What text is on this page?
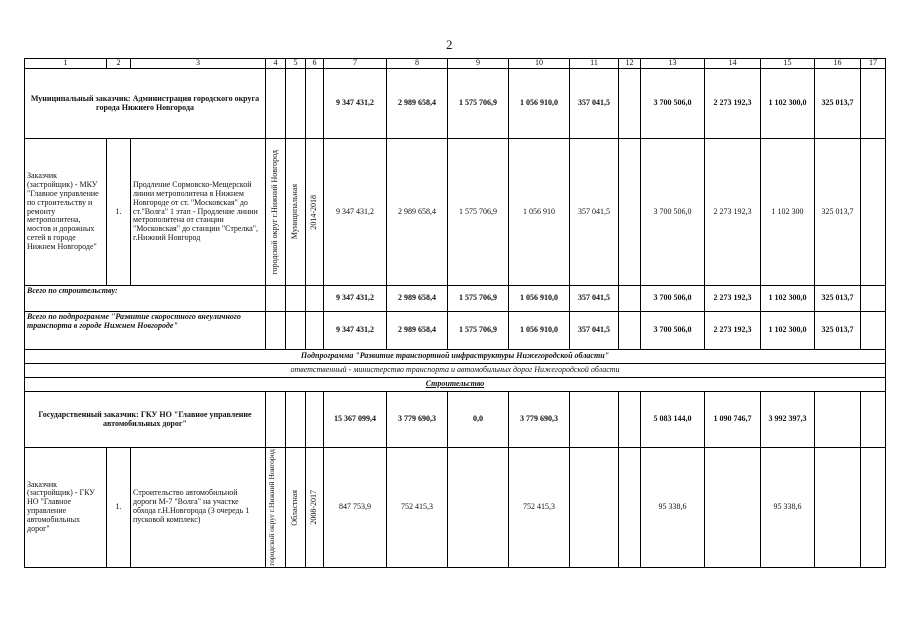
2
1	2	3	4	5	6	7	8	9	10	11	12	13	14	15	16	17
Муниципальный заказчик: Администрация городского округа города Нижнего Новгорода						9 347 431,2	2 989 658,4	1 575 706,9	1 056 910,0	357 041,5		3 700 506,0	2 273 192,3	1 102 300,0	325 013,7	
Заказчик (застройщик) - МКУ "Главное управление по строительству и ремонту метрополитена, мостов и дорожных сетей в городе Нижнем Новгороде"	1.	Продление Сормовско-Мещерской линии метрополитена в Нижнем Новгороде от ст. "Московская" до ст."Волга" 1 этап - Продление линии метрополитена от станции "Московская" до станции "Стрелка", г.Нижний Новгород	городской округ г.Нижний Новгород	Муниципальная	2014-2018	9 347 431,2	2 989 658,4	1 575 706,9	1 056 910	357 041,5		3 700 506,0	2 273 192,3	1 102 300	325 013,7	
Всего по строительству:						9 347 431,2	2 989 658,4	1 575 706,9	1 056 910,0	357 041,5		3 700 506,0	2 273 192,3	1 102 300,0	325 013,7	
Всего по подпрограмме "Развитие скоростного внеуличного транспорта в городе Нижнем Новгороде"						9 347 431,2	2 989 658,4	1 575 706,9	1 056 910,0	357 041,5		3 700 506,0	2 273 192,3	1 102 300,0	325 013,7	
Подпрограмма "Развитие транспортной инфраструктуры Нижегородской области"																
ответственный - министерство транспорта и автомобильных дорог Нижегородской области																
Строительство																
Государственный заказчик: ГКУ НО "Главное управление автомобильных дорог"						15 367 099,4	3 779 690,3	0,0	3 779 690,3			5 083 144,0	1 090 746,7	3 992 397,3		
Заказчик (застройщик) - ГКУ НО "Главное управление автомобильных дорог"	1.	Строительство автомобильной дороги М-7 "Волга" на участке обхода г.Н.Новгорода (3 очередь 1 пусковой комплекс)	городской округ г.Нижний Новгород	Областная	2008-2017	847 753,9	752 415,3		752 415,3			95 338,6		95 338,6		
